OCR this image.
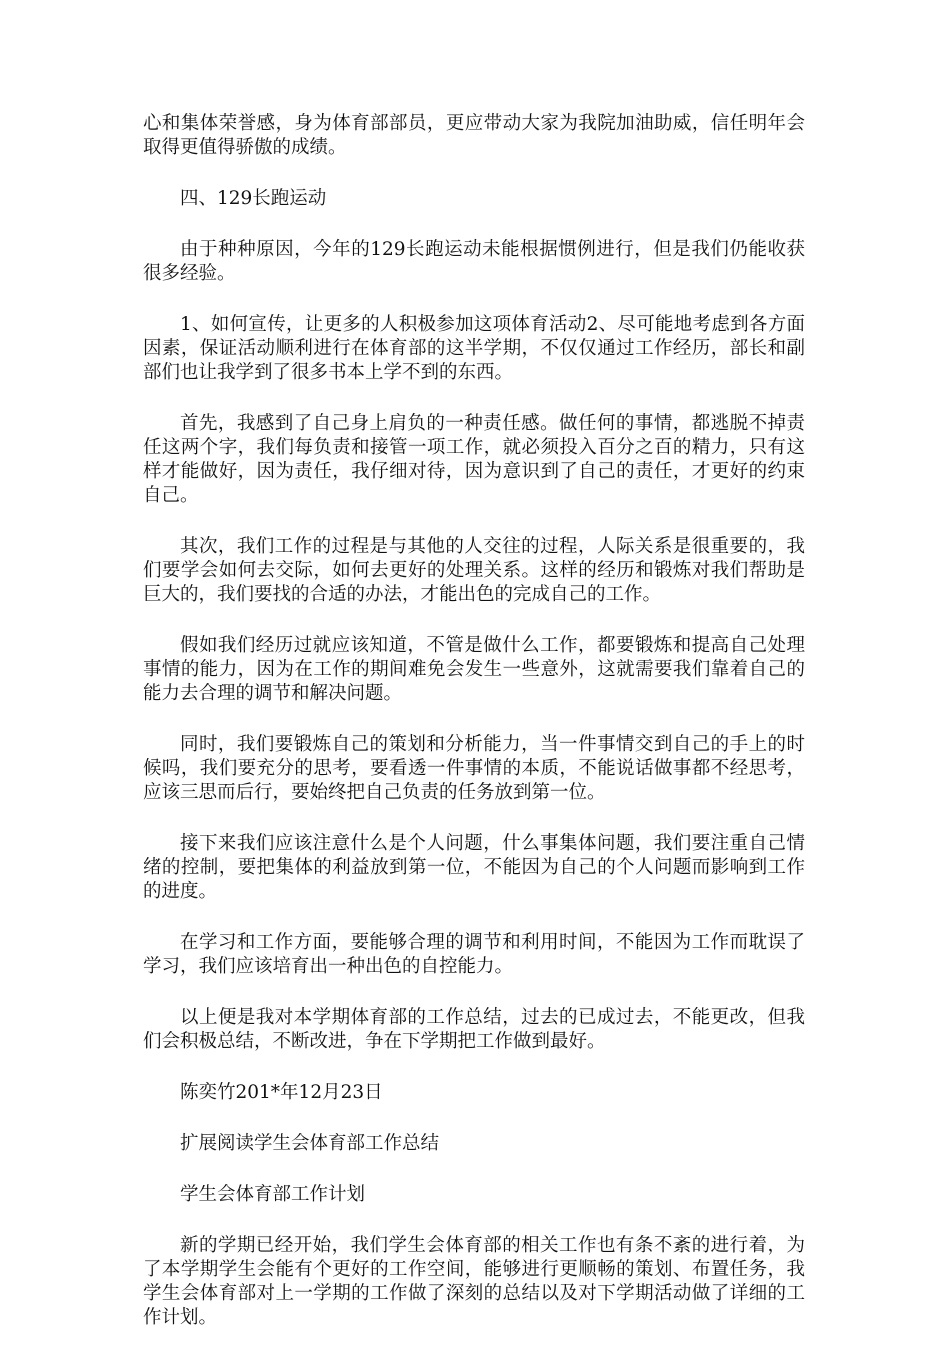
心和集体荣誉感，身为体育部部员，更应带动大家为我院加油助威，信任明年会取得更值得骄傲的成绩。

四、129长跑运动

由于种种原因，今年的129长跑运动未能根据惯例进行，但是我们仍能收获很多经验。

1、如何宣传，让更多的人积极参加这项体育活动2、尽可能地考虑到各方面因素，保证活动顺利进行在体育部的这半学期，不仅仅通过工作经历，部长和副部们也让我学到了很多书本上学不到的东西。

首先，我感到了自己身上肩负的一种责任感。做任何的事情，都逃脱不掉责任这两个字，我们每负责和接管一项工作，就必须投入百分之百的精力，只有这样才能做好，因为责任，我仔细对待，因为意识到了自己的责任，才更好的约束自己。

其次，我们工作的过程是与其他的人交往的过程，人际关系是很重要的，我们要学会如何去交际，如何去更好的处理关系。这样的经历和锻炼对我们帮助是巨大的，我们要找的合适的办法，才能出色的完成自己的工作。

假如我们经历过就应该知道，不管是做什么工作，都要锻炼和提高自己处理事情的能力，因为在工作的期间难免会发生一些意外，这就需要我们靠着自己的能力去合理的调节和解决问题。

同时，我们要锻炼自己的策划和分析能力，当一件事情交到自己的手上的时候吗，我们要充分的思考，要看透一件事情的本质，不能说话做事都不经思考，应该三思而后行，要始终把自己负责的任务放到第一位。

接下来我们应该注意什么是个人问题，什么事集体问题，我们要注重自己情绪的控制，要把集体的利益放到第一位，不能因为自己的个人问题而影响到工作的进度。

在学习和工作方面，要能够合理的调节和利用时间，不能因为工作而耽误了学习，我们应该培育出一种出色的自控能力。

以上便是我对本学期体育部的工作总结，过去的已成过去，不能更改，但我们会积极总结，不断改进，争在下学期把工作做到最好。

陈奕竹201*年12月23日

扩展阅读学生会体育部工作总结

学生会体育部工作计划

新的学期已经开始，我们学生会体育部的相关工作也有条不紊的进行着，为了本学期学生会能有个更好的工作空间，能够进行更顺畅的策划、布置任务，我学生会体育部对上一学期的工作做了深刻的总结以及对下学期活动做了详细的工作计划。
